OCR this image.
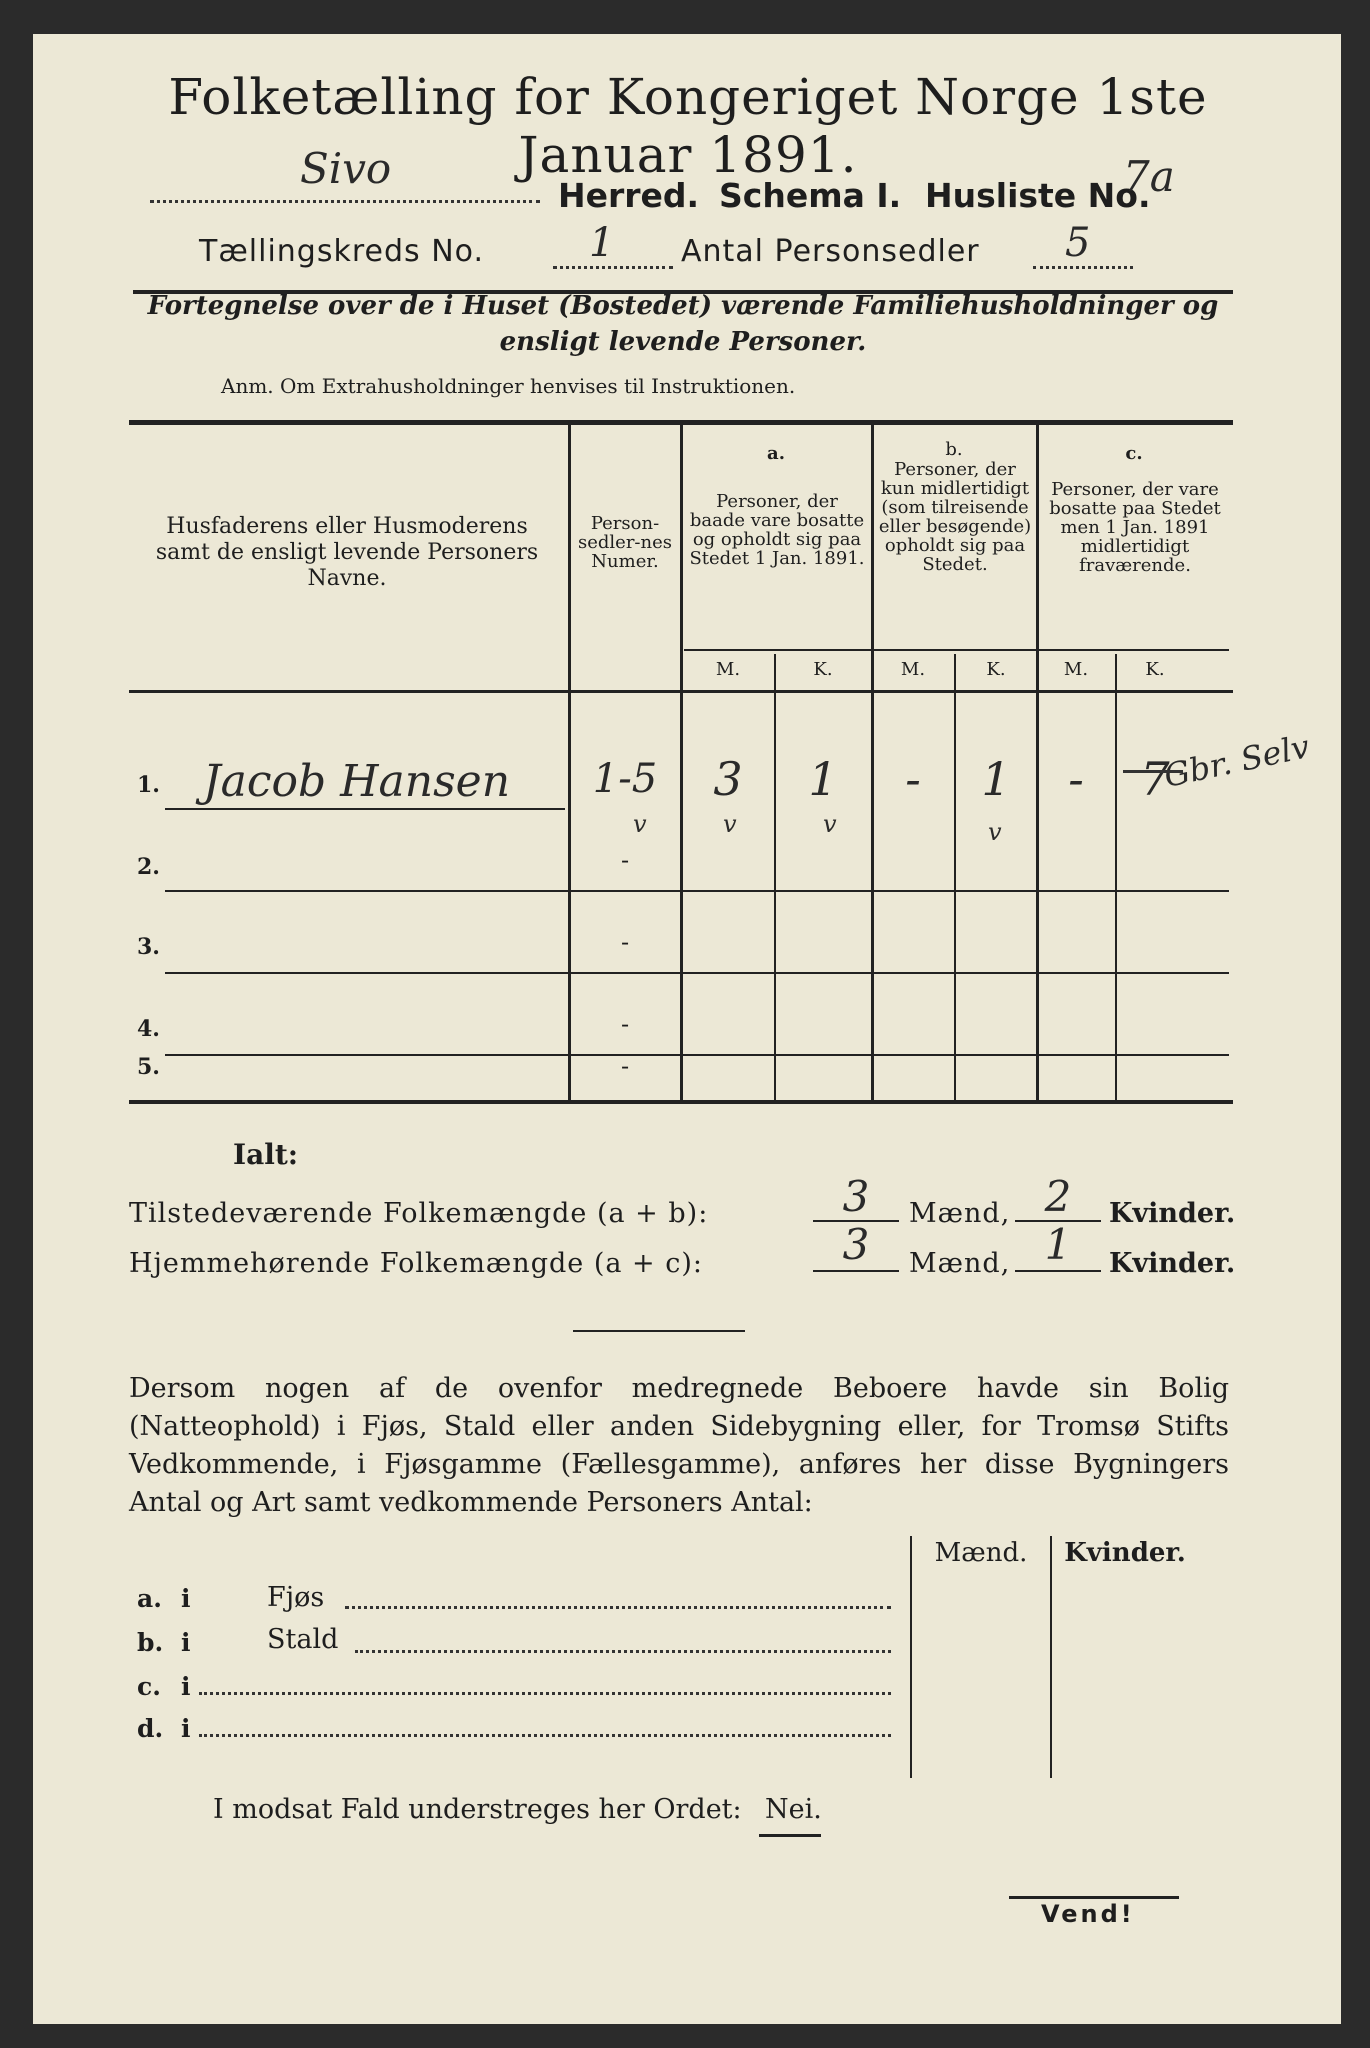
Folketælling for Kongeriget Norge 1ste Januar 1891.
Sivo
Herred. Schema I. Husliste No.
7a
Tællingskreds No.	1 Antal Personsedler 5
Fortegnelse over de i Huset (Bostedet) værende Familiehusholdninger og ensligt levende Personer.
Anm. Om Extrahusholdninger henvises til Instruktionen.
Husfaderens eller Husmoderens samt de ensligt levende Personers Navne.
Person-sedler-nes Numer.
a.
Personer, der baade vare bosatte og opholdt sig paa Stedet 1 Jan. 1891.
b.
Personer, der kun midlertidigt (som tilreisende eller besøgende) opholdt sig paa Stedet.
c.
Personer, der vare bosatte paa Stedet men 1 Jan. 1891 midlertidigt fraværende.
M.	K.	M.	K.	M.	K.
1. Jacob Hansen	1-5	3	1	-	1	-	7
Gbr. Selv
v	v	v	v
2.	-
3.	-
4.	-
5.	-
Ialt:
Tilstedeværende Folkemængde (a + b):	3	Mænd, 2	Kvinder.
Hjemmehørende Folkemængde (a + c):	3	Mænd, 1	Kvinder.
Dersom nogen af de ovenfor medregnede Beboere havde sin Bolig (Natteophold) i Fjøs, Stald eller anden Sidebygning eller, for Tromsø Stifts Vedkommende, i Fjøsgamme (Fællesgamme), anføres her disse Bygningers Antal og Art samt vedkommende Personers Antal:
Mænd.	Kvinder.
a. i	Fjøs
b. i	Stald
c. i
d. i
I modsat Fald understreges her Ordet: Nei.
Vend!
